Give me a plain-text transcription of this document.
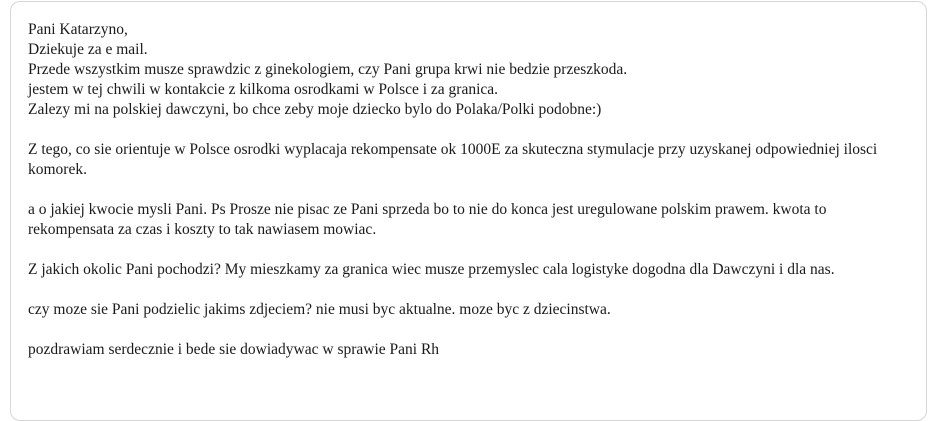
Pani Katarzyno,

Dziekuje za e mail.

Przede wszystkim musze sprawdzic z ginekologiem, czy Pani grupa krwi nie bedzie przeszkoda.

jestem w tej chwili w kontakcie z kilkoma osrodkami w Polsce i za granica.

Zalezy mi na polskiej dawczyni, bo chce zeby moje dziecko bylo do Polaka/Polki podobne:)

Z tego, co sie orientuje w Polsce osrodki wyplacaja rekompensate ok 1000E za skuteczna stymulacje przy uzyskanej odpowiedniej ilosci komorek.

a o jakiej kwocie mysli Pani. Ps Prosze nie pisac ze Pani sprzeda bo to nie do konca jest uregulowane polskim prawem. kwota to rekompensata za czas i koszty to tak nawiasem mowiac.

Z jakich okolic Pani pochodzi? My mieszkamy za granica wiec musze przemyslec cala logistyke dogodna dla Dawczyni i dla nas.

czy moze sie Pani podzielic jakims zdjeciem? nie musi byc aktualne. moze byc z dziecinstwa.

pozdrawiam serdecznie i bede sie dowiadywac w sprawie Pani Rh
